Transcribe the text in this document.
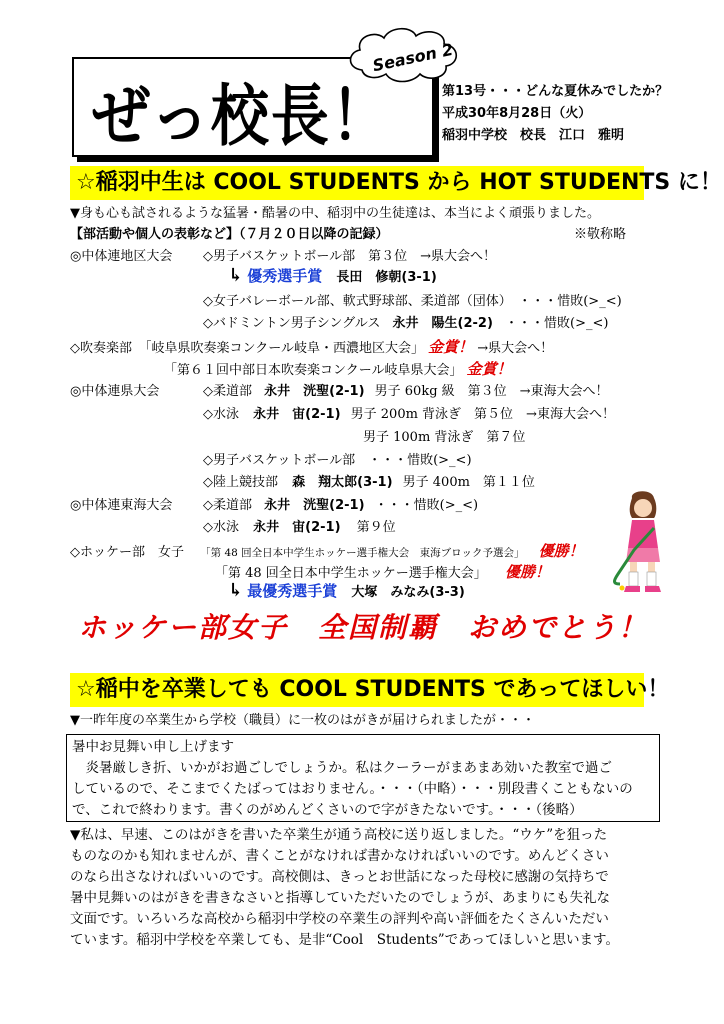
ぜっ校長！
Season 2
第13号・・・どんな夏休みでしたか？
平成30年8月28日（火）
稲羽中学校　校長　江口　雅明
☆稲羽中生は COOL STUDENTS から HOT STUDENTS に！
▼身も心も試されるような猛暑・酷暑の中、稲羽中の生徒達は、本当によく頑張りました。
【部活動や個人の表彰など】（７月２０日以降の記録）	※敬称略
◎中体連地区大会 ◇男子バスケットボール部　第３位　→県大会へ！
↳ 優秀選手賞 長田　修朝(3-1)
◇女子バレーボール部、軟式野球部、柔道部（団体）　・・・惜敗(>_<)
◇バドミントン男子シングルス 永井　陽生(2-2) ・・・惜敗(>_<)
◇吹奏楽部　「岐阜県吹奏楽コンクール岐阜・西濃地区大会」 金賞！ →県大会へ！
「第６１回中部日本吹奏楽コンクール岐阜県大会」 金賞！
◎中体連県大会	◇柔道部 永井　洸聖(2-1) 男子 60kg 級　第３位　→東海大会へ！
◇水泳 永井　宙(2-1) 男子 200m 背泳ぎ　第５位　→東海大会へ！
男子 100m 背泳ぎ　第７位
◇男子バスケットボール部　・・・惜敗(>_<)
◇陸上競技部 森　翔太郎(3-1) 男子 400m　第１１位
◎中体連東海大会 ◇柔道部 永井　洸聖(2-1) ・・・惜敗(>_<)
◇水泳 永井　宙(2-1) 第９位
◇ホッケー部　女子 「第 48 回全日本中学生ホッケー選手権大会　東海ブロック予選会」 優勝！
「第 48 回全日本中学生ホッケー選手権大会」 優勝！
↳ 最優秀選手賞 大塚　みなみ(3-3)
ホッケー部女子　全国制覇　おめでとう！
☆稲中を卒業しても COOL STUDENTS であってほしい！
▼一昨年度の卒業生から学校（職員）に一枚のはがきが届けられましたが・・・
暑中お見舞い申し上げます
　炎暑厳しき折、いかがお過ごしでしょうか。私はクーラーがまあまあ効いた教室で過ご
しているので、そこまでくたばってはおりません。・・・（中略）・・・別段書くこともないの
で、これで終わります。書くのがめんどくさいので字がきたないです。・・・（後略）
▼私は、早速、このはがきを書いた卒業生が通う高校に送り返しました。“ウケ”を狙った
ものなのかも知れませんが、書くことがなければ書かなければいいのです。めんどくさい
のなら出さなければいいのです。高校側は、きっとお世話になった母校に感謝の気持ちで
暑中見舞いのはがきを書きなさいと指導していただいたのでしょうが、あまりにも失礼な
文面です。いろいろな高校から稲羽中学校の卒業生の評判や高い評価をたくさんいただい
ています。稲羽中学校を卒業しても、是非“Cool　Students”であってほしいと思います。
